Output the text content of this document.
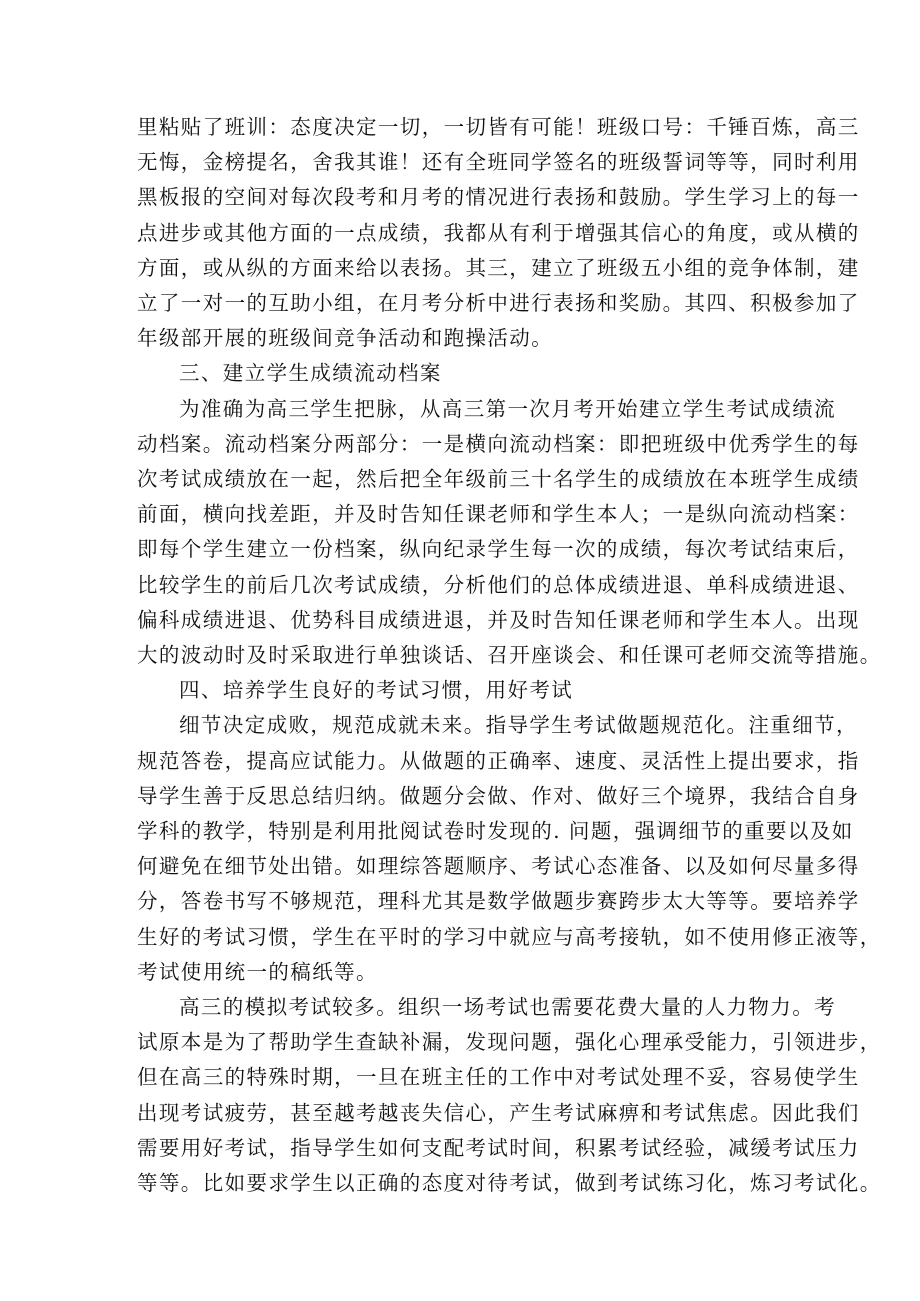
里粘贴了班训：态度决定一切，一切皆有可能！班级口号：千锤百炼，高三
无悔，金榜提名，舍我其谁！还有全班同学签名的班级誓词等等，同时利用
黑板报的空间对每次段考和月考的情况进行表扬和鼓励。学生学习上的每一
点进步或其他方面的一点成绩，我都从有利于增强其信心的角度，或从横的
方面，或从纵的方面来给以表扬。其三，建立了班级五小组的竞争体制，建
立了一对一的互助小组，在月考分析中进行表扬和奖励。其四、积极参加了
年级部开展的班级间竞争活动和跑操活动。
三、建立学生成绩流动档案
为准确为高三学生把脉，从高三第一次月考开始建立学生考试成绩流
动档案。流动档案分两部分：一是横向流动档案：即把班级中优秀学生的每
次考试成绩放在一起，然后把全年级前三十名学生的成绩放在本班学生成绩
前面，横向找差距，并及时告知任课老师和学生本人；一是纵向流动档案：
即每个学生建立一份档案，纵向纪录学生每一次的成绩，每次考试结束后，
比较学生的前后几次考试成绩，分析他们的总体成绩进退、单科成绩进退、
偏科成绩进退、优势科目成绩进退，并及时告知任课老师和学生本人。出现
大的波动时及时采取进行单独谈话、召开座谈会、和任课可老师交流等措施。
四、培养学生良好的考试习惯，用好考试
细节决定成败，规范成就未来。指导学生考试做题规范化。注重细节，
规范答卷，提高应试能力。从做题的正确率、速度、灵活性上提出要求，指
导学生善于反思总结归纳。做题分会做、作对、做好三个境界，我结合自身
学科的教学，特别是利用批阅试卷时发现的. 问题，强调细节的重要以及如
何避免在细节处出错。如理综答题顺序、考试心态准备、以及如何尽量多得
分，答卷书写不够规范，理科尤其是数学做题步赛跨步太大等等。要培养学
生好的考试习惯，学生在平时的学习中就应与高考接轨，如不使用修正液等，
考试使用统一的稿纸等。
高三的模拟考试较多。组织一场考试也需要花费大量的人力物力。考
试原本是为了帮助学生查缺补漏，发现问题，强化心理承受能力，引领进步，
但在高三的特殊时期，一旦在班主任的工作中对考试处理不妥，容易使学生
出现考试疲劳，甚至越考越丧失信心，产生考试麻痹和考试焦虑。因此我们
需要用好考试，指导学生如何支配考试时间，积累考试经验，减缓考试压力
等等。比如要求学生以正确的态度对待考试，做到考试练习化，炼习考试化。
